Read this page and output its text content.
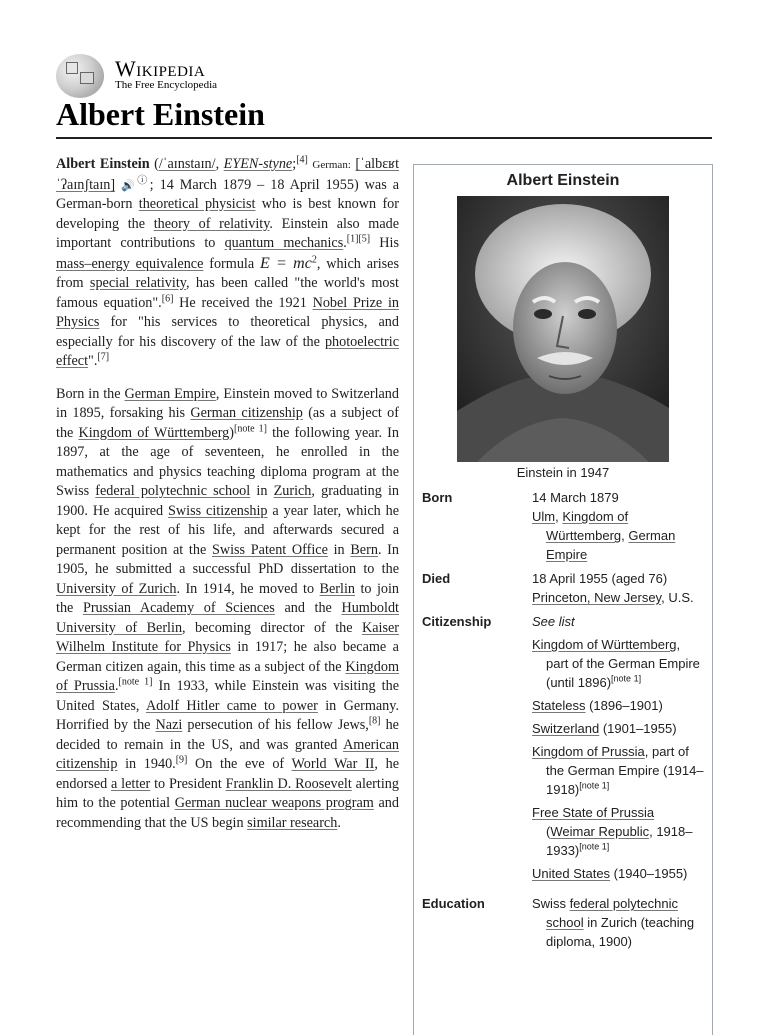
Wikipedia
The Free Encyclopedia
Albert Einstein

Albert Einstein (/ˈaɪnstaɪn/, EYEN-styne;[4] German: [ˈalbɛʁt ˈʔaɪnʃtaɪn] 🔊ⓘ; 14 March 1879 – 18 April 1955) was a German-born theoretical physicist who is best known for developing the theory of relativity. Einstein also made important contributions to quantum mechanics.[1][5] His mass–energy equivalence formula $E = mc^2$, which arises from special relativity, has been called "the world's most famous equation".[6] He received the 1921 Nobel Prize in Physics for "his services to theoretical physics, and especially for his discovery of the law of the photoelectric effect".[7]

Born in the German Empire, Einstein moved to Switzerland in 1895, forsaking his German citizenship (as a subject of the Kingdom of Württemberg)[note 1] the following year. In 1897, at the age of seventeen, he enrolled in the mathematics and physics teaching diploma program at the Swiss federal polytechnic school in Zurich, graduating in 1900. He acquired Swiss citizenship a year later, which he kept for the rest of his life, and afterwards secured a permanent position at the Swiss Patent Office in Bern. In 1905, he submitted a successful PhD dissertation to the University of Zurich. In 1914, he moved to Berlin to join the Prussian Academy of Sciences and the Humboldt University of Berlin, becoming director of the Kaiser Wilhelm Institute for Physics in 1917; he also became a German citizen again, this time as a subject of the Kingdom of Prussia.[note 1] In 1933, while Einstein was visiting the United States, Adolf Hitler came to power in Germany. Horrified by the Nazi persecution of his fellow Jews,[8] he decided to remain in the US, and was granted American citizenship in 1940.[9] On the eve of World War II, he endorsed a letter to President Franklin D. Roosevelt alerting him to the potential German nuclear weapons program and recommending that the US begin similar research.

Albert Einstein
Einstein in 1947
Born	14 March 1879

Ulm, Kingdom of Württemberg, German Empire

Died	18 April 1955 (aged 76)

Princeton, New Jersey, U.S.

Citizenship	See list

Kingdom of Württemberg, part of the German Empire (until 1896)[note 1]

Stateless (1896–1901)

Switzerland (1901–1955)

Kingdom of Prussia, part of the German Empire (1914–1918)[note 1]

Free State of Prussia (Weimar Republic, 1918–1933)[note 1]

United States (1940–1955)

Education	Swiss federal polytechnic school in Zurich (teaching diploma, 1900)
